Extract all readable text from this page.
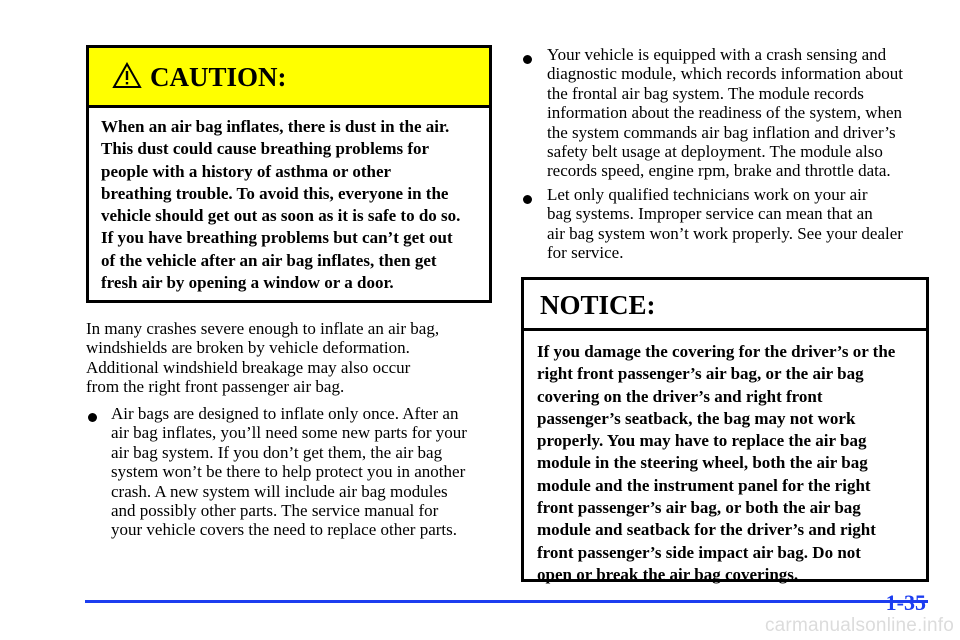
CAUTION:
When an air bag inflates, there is dust in the air.
This dust could cause breathing problems for
people with a history of asthma or other
breathing trouble. To avoid this, everyone in the
vehicle should get out as soon as it is safe to do so.
If you have breathing problems but can’t get out
of the vehicle after an air bag inflates, then get
fresh air by opening a window or a door.
In many crashes severe enough to inflate an air bag,
windshields are broken by vehicle deformation.
Additional windshield breakage may also occur
from the right front passenger air bag.
Air bags are designed to inflate only once. After an
air bag inflates, you’ll need some new parts for your
air bag system. If you don’t get them, the air bag
system won’t be there to help protect you in another
crash. A new system will include air bag modules
and possibly other parts. The service manual for
your vehicle covers the need to replace other parts.
Your vehicle is equipped with a crash sensing and
diagnostic module, which records information about
the frontal air bag system. The module records
information about the readiness of the system, when
the system commands air bag inflation and driver’s
safety belt usage at deployment. The module also
records speed, engine rpm, brake and throttle data.
Let only qualified technicians work on your air
bag systems. Improper service can mean that an
air bag system won’t work properly. See your dealer
for service.
NOTICE:
If you damage the covering for the driver’s or the
right front passenger’s air bag, or the air bag
covering on the driver’s and right front
passenger’s seatback, the bag may not work
properly. You may have to replace the air bag
module in the steering wheel, both the air bag
module and the instrument panel for the right
front passenger’s air bag, or both the air bag
module and seatback for the driver’s and right
front passenger’s side impact air bag. Do not
open or break the air bag coverings.
1-35
carmanualsonline.info
